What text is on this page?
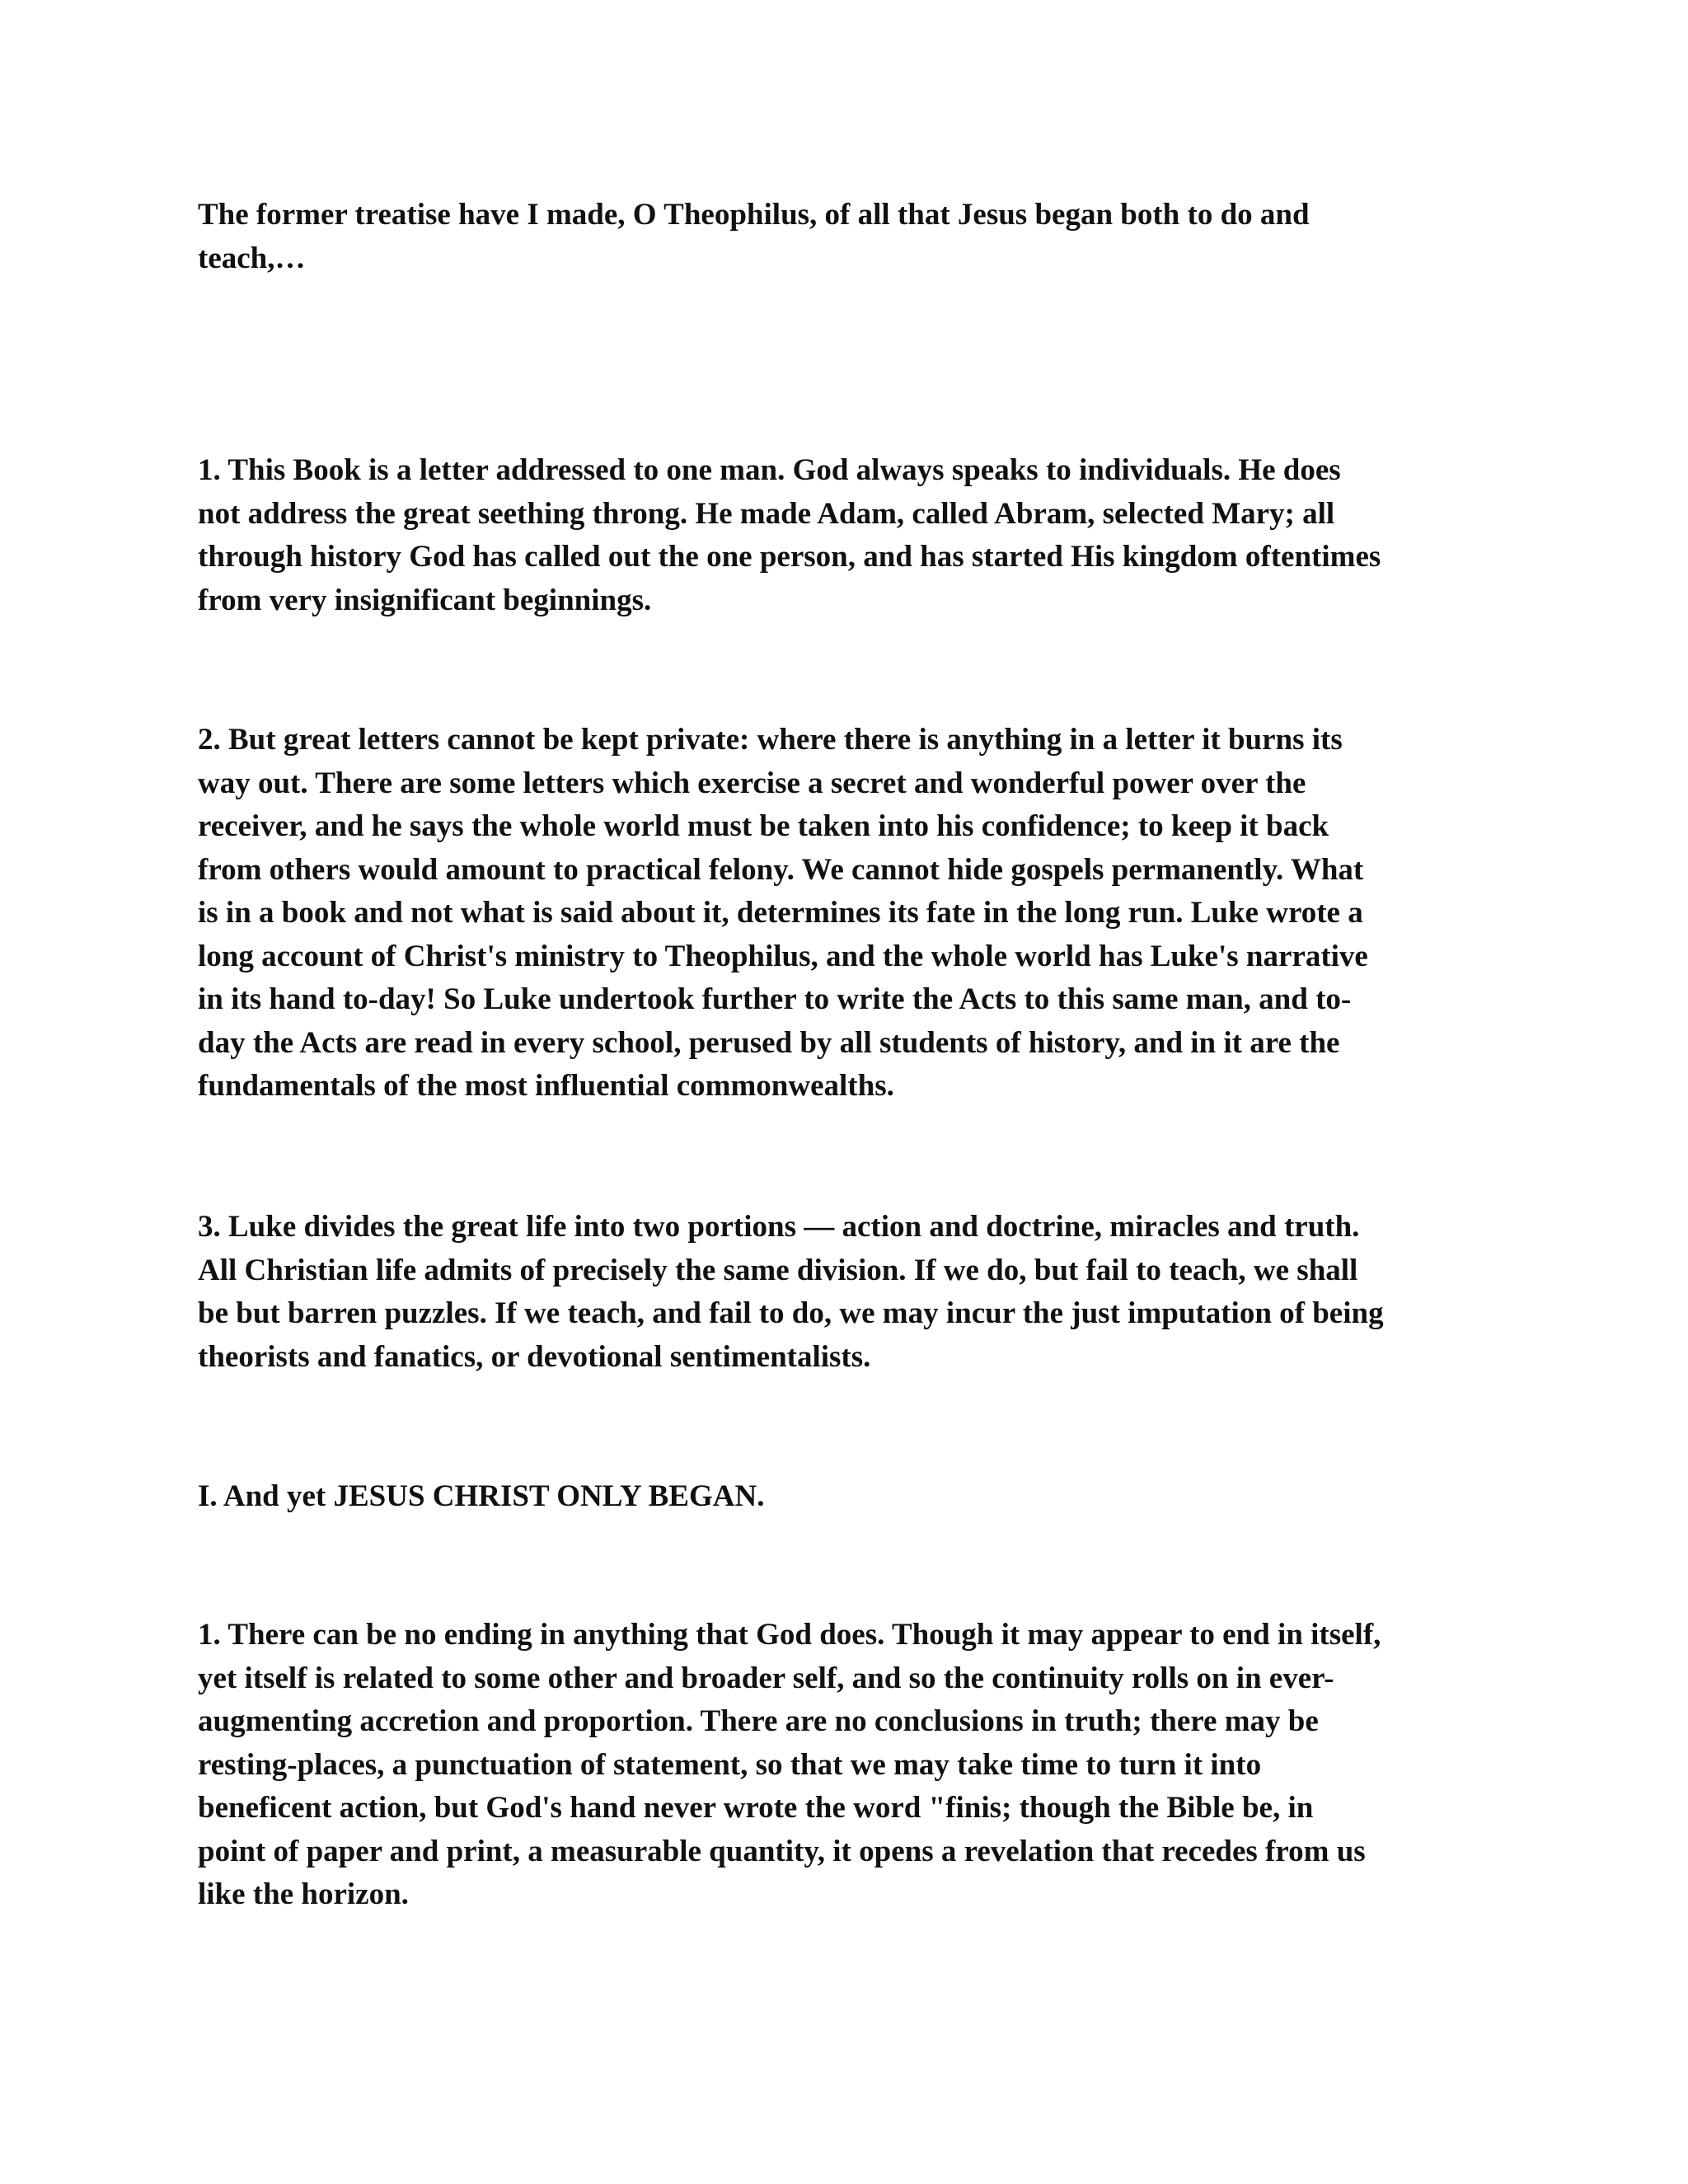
The former treatise have I made, O Theophilus, of all that Jesus began both to do and
teach,…

1. This Book is a letter addressed to one man. God always speaks to individuals. He does
not address the great seething throng. He made Adam, called Abram, selected Mary; all
through history God has called out the one person, and has started His kingdom oftentimes
from very insignificant beginnings.

2. But great letters cannot be kept private: where there is anything in a letter it burns its
way out. There are some letters which exercise a secret and wonderful power over the
receiver, and he says the whole world must be taken into his confidence; to keep it back
from others would amount to practical felony. We cannot hide gospels permanently. What
is in a book and not what is said about it, determines its fate in the long run. Luke wrote a
long account of Christ's ministry to Theophilus, and the whole world has Luke's narrative
in its hand to-day! So Luke undertook further to write the Acts to this same man, and to-
day the Acts are read in every school, perused by all students of history, and in it are the
fundamentals of the most influential commonwealths.

3. Luke divides the great life into two portions — action and doctrine, miracles and truth.
All Christian life admits of precisely the same division. If we do, but fail to teach, we shall
be but barren puzzles. If we teach, and fail to do, we may incur the just imputation of being
theorists and fanatics, or devotional sentimentalists.

I. And yet JESUS CHRIST ONLY BEGAN.

1. There can be no ending in anything that God does. Though it may appear to end in itself,
yet itself is related to some other and broader self, and so the continuity rolls on in ever-
augmenting accretion and proportion. There are no conclusions in truth; there may be
resting-places, a punctuation of statement, so that we may take time to turn it into
beneficent action, but God's hand never wrote the word "finis; though the Bible be, in
point of paper and print, a measurable quantity, it opens a revelation that recedes from us
like the horizon.
